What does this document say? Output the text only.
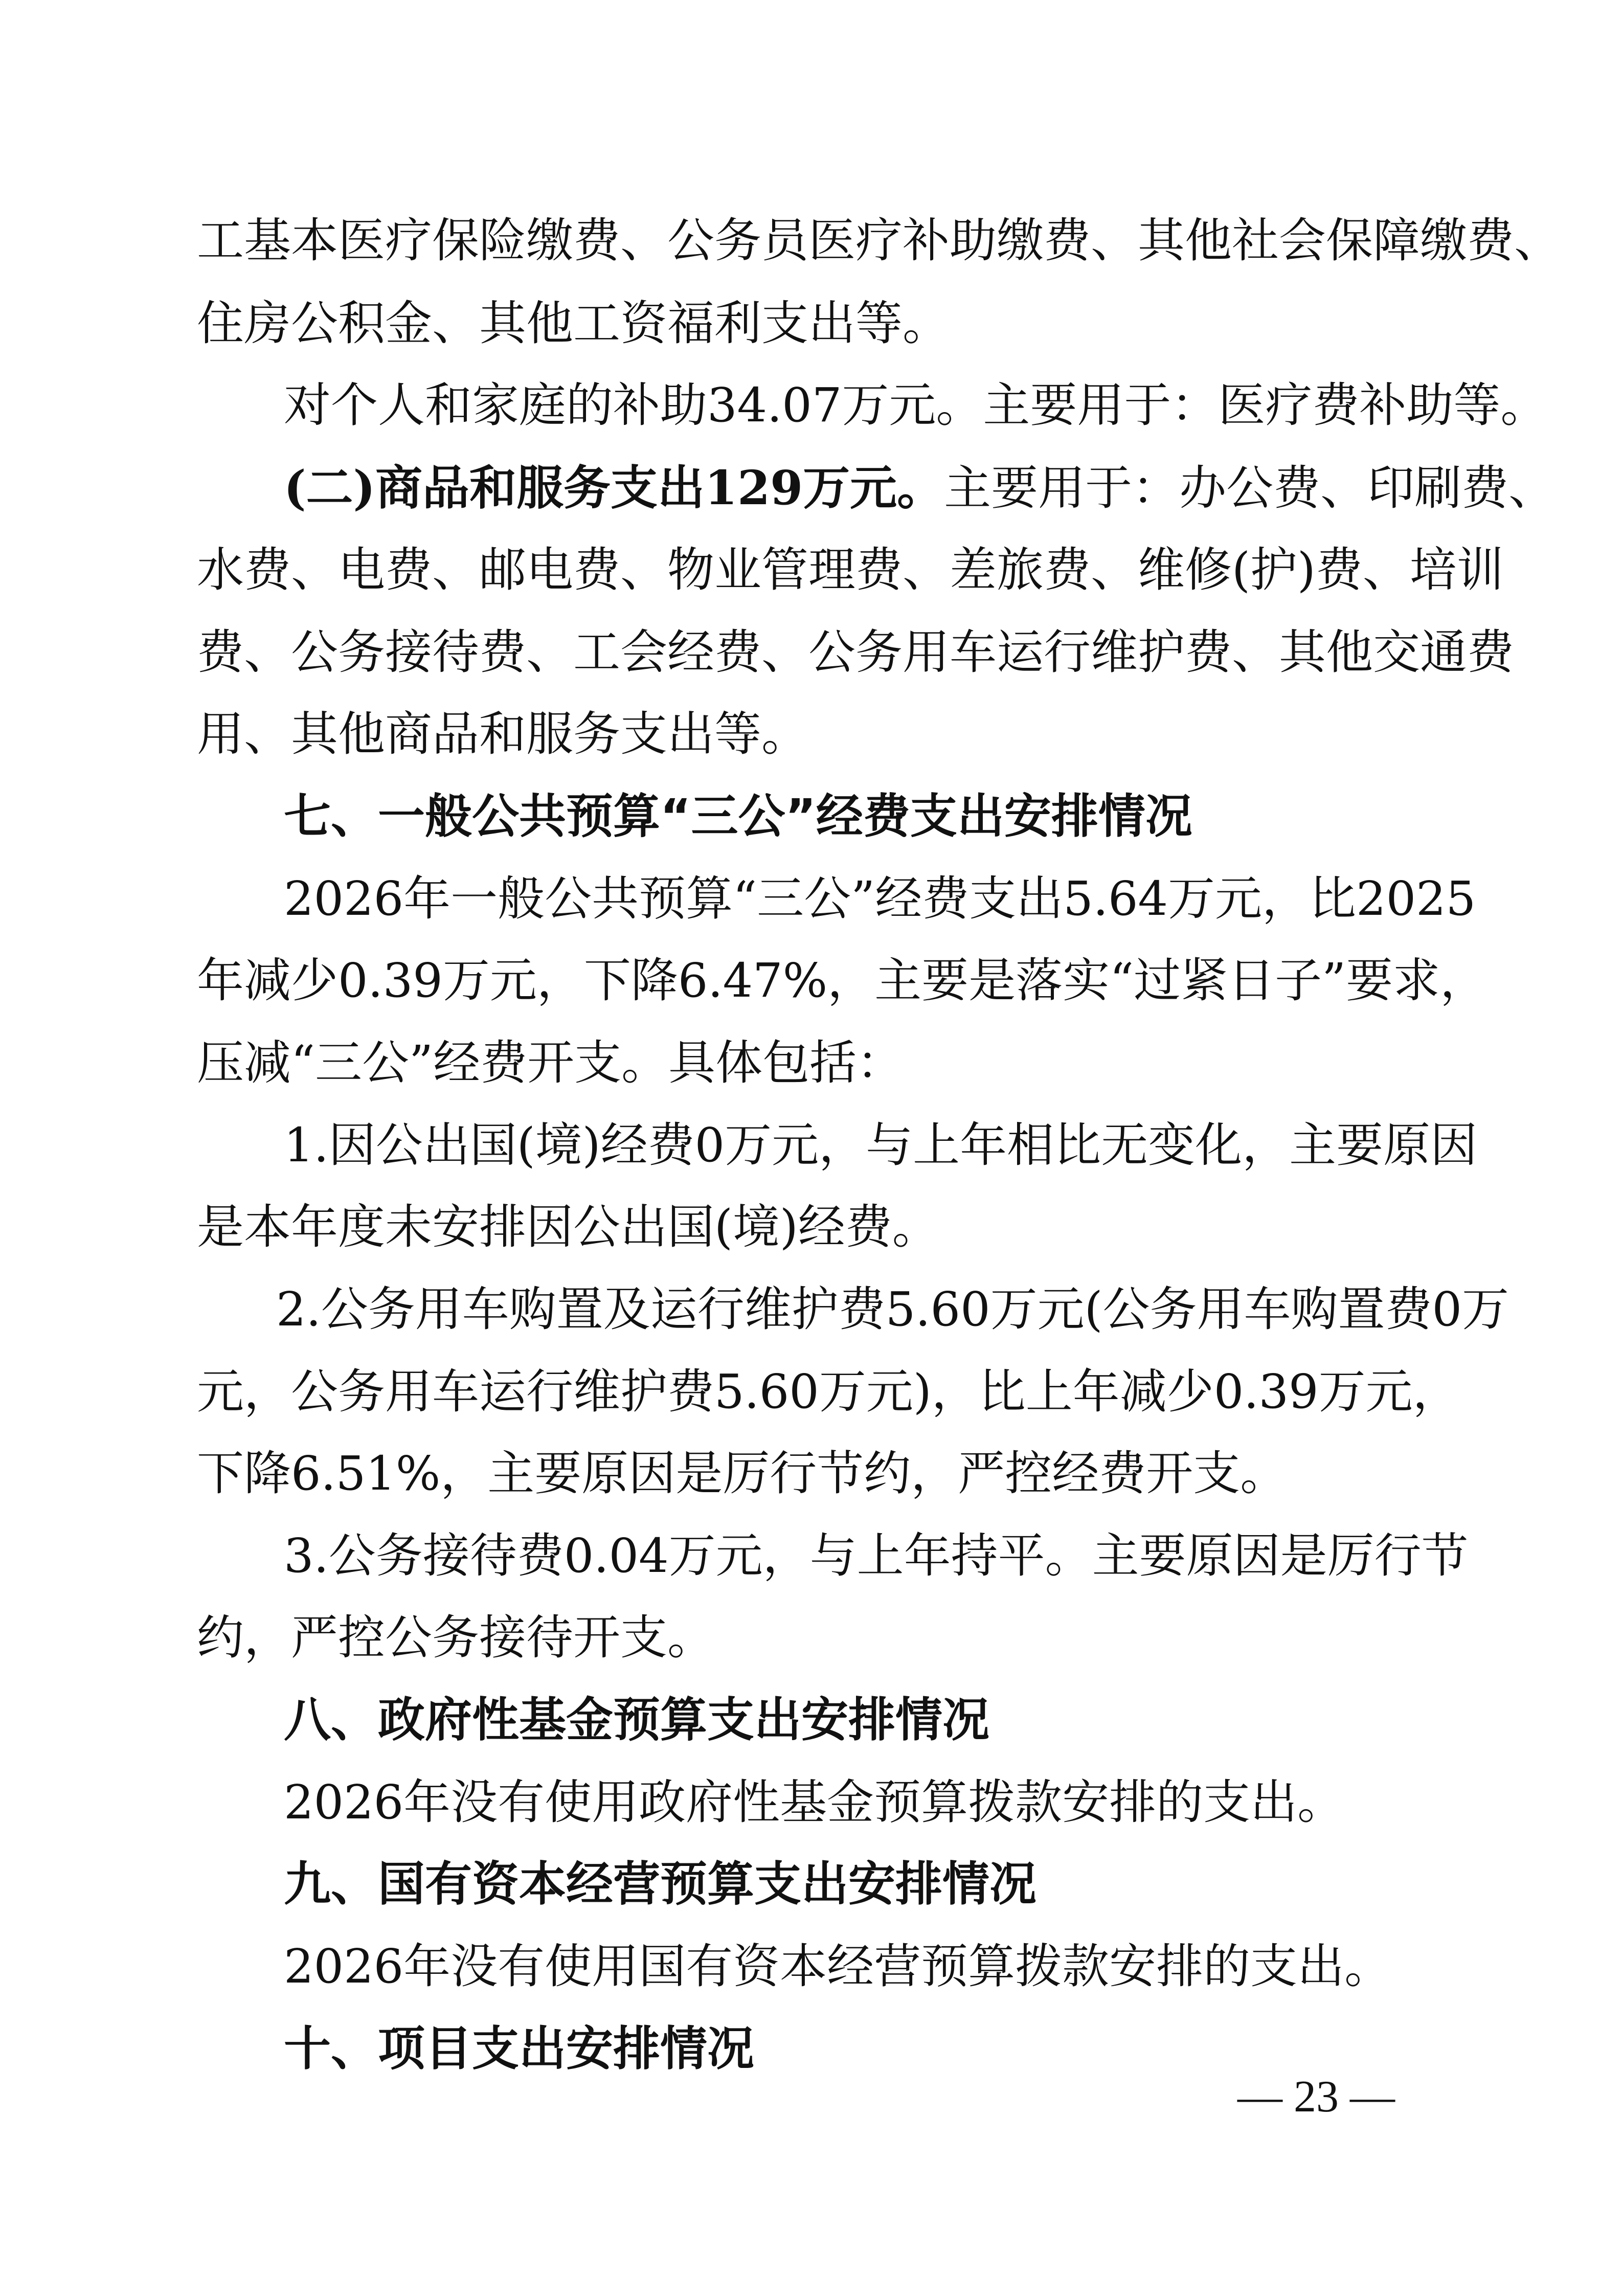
工基本医疗保险缴费、公务员医疗补助缴费、其他社会保障缴费、
住房公积金、其他工资福利支出等。
对个人和家庭的补助34.07万元。主要用于：医疗费补助等。
(二)商品和服务支出129万元。主要用于：办公费、印刷费、
水费、电费、邮电费、物业管理费、差旅费、维修(护)费、培训
费、公务接待费、工会经费、公务用车运行维护费、其他交通费
用、其他商品和服务支出等。
七、一般公共预算“三公”经费支出安排情况
2026年一般公共预算“三公”经费支出5.64万元，比2025
年减少0.39万元，下降6.47%，主要是落实“过紧日子”要求，
压减“三公”经费开支。具体包括：
1.因公出国(境)经费0万元，与上年相比无变化，主要原因
是本年度未安排因公出国(境)经费。
2.公务用车购置及运行维护费5.60万元(公务用车购置费0万
元，公务用车运行维护费5.60万元)，比上年减少0.39万元，
下降6.51%，主要原因是厉行节约，严控经费开支。
3.公务接待费0.04万元，与上年持平。主要原因是厉行节
约，严控公务接待开支。
八、政府性基金预算支出安排情况
2026年没有使用政府性基金预算拨款安排的支出。
九、国有资本经营预算支出安排情况
2026年没有使用国有资本经营预算拨款安排的支出。
十、项目支出安排情况
— 23 —
